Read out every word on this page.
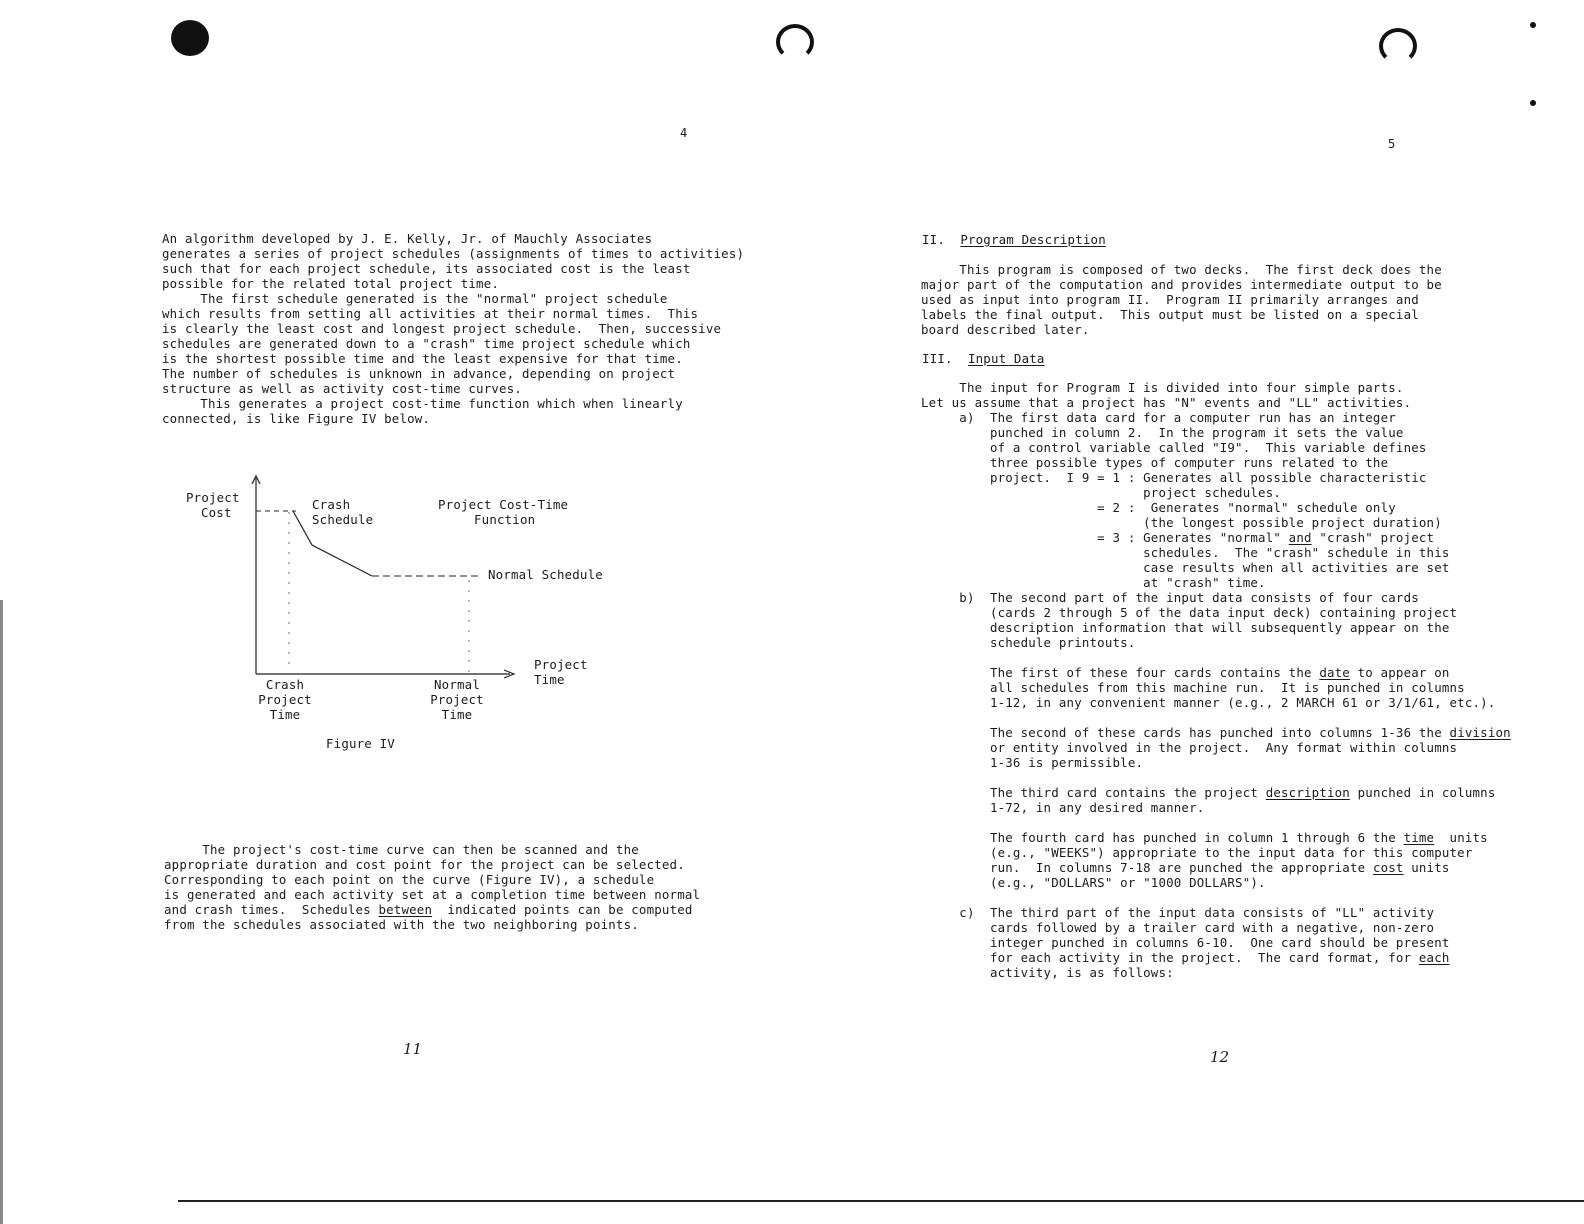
4
An algorithm developed by J. E. Kelly, Jr. of Mauchly Associates
generates a series of project schedules (assignments of times to activities)
such that for each project schedule, its associated cost is the least
possible for the related total project time.
The first schedule generated is the "normal" project schedule
which results from setting all activities at their normal times.  This
is clearly the least cost and longest project schedule.  Then, successive
schedules are generated down to a "crash" time project schedule which
is the shortest possible time and the least expensive for that time.
The number of schedules is unknown in advance, depending on project
structure as well as activity cost-time curves.
This generates a project cost-time function which when linearly
connected, is like Figure IV below.
Project
Cost
Crash
Schedule
Project Cost-Time
Function
Normal Schedule
Project
Time
Crash
Project
Time
Normal
Project
Time
Figure IV
The project's cost-time curve can then be scanned and the
appropriate duration and cost point for the project can be selected.
Corresponding to each point on the curve (Figure IV), a schedule
is generated and each activity set at a completion time between normal
and crash times.  Schedules between  indicated points can be computed
from the schedules associated with the two neighboring points.
11
5
II. Program Description
This program is composed of two decks.  The first deck does the
major part of the computation and provides intermediate output to be
used as input into program II.  Program II primarily arranges and
labels the final output.  This output must be listed on a special
board described later.
III. Input Data
The input for Program I is divided into four simple parts.
Let us assume that a project has "N" events and "LL" activities.
a)  The first data card for a computer run has an integer
punched in column 2.  In the program it sets the value
of a control variable called "I9".  This variable defines
three possible types of computer runs related to the
project.  I 9 = 1 : Generates all possible characteristic
project schedules.
= 2 :  Generates "normal" schedule only
(the longest possible project duration)
= 3 : Generates "normal" and "crash" project
schedules.  The "crash" schedule in this
case results when all activities are set
at "crash" time.
b)  The second part of the input data consists of four cards
(cards 2 through 5 of the data input deck) containing project
description information that will subsequently appear on the
schedule printouts.

The first of these four cards contains the date to appear on
all schedules from this machine run.  It is punched in columns
1-12, in any convenient manner (e.g., 2 MARCH 61 or 3/1/61, etc.).

The second of these cards has punched into columns 1-36 the division
or entity involved in the project.  Any format within columns
1-36 is permissible.

The third card contains the project description punched in columns
1-72, in any desired manner.

The fourth card has punched in column 1 through 6 the time  units
(e.g., "WEEKS") appropriate to the input data for this computer
run.  In columns 7-18 are punched the appropriate cost units
(e.g., "DOLLARS" or "1000 DOLLARS").

c)  The third part of the input data consists of "LL" activity
cards followed by a trailer card with a negative, non-zero
integer punched in columns 6-10.  One card should be present
for each activity in the project.  The card format, for each
activity, is as follows:
12
